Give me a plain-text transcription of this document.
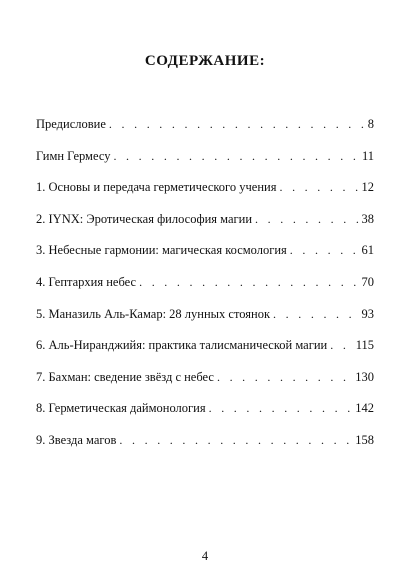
СОДЕРЖАНИЕ:
Предисловие . . .	8
Гимн Гермесу . . .	11
1. Основы и передача герметического учения . . .	12
2. IYNX: Эротическая философия магии . . .	38
3. Небесные гармонии: магическая космология . . .	61
4. Гептархия небес . . .	70
5. Маназиль Аль-Камар: 28 лунных стоянок . . .	93
6. Аль-Ниранджийя: практика талисманической магии . . . 115
7. Бахман: сведение звёзд с небес . . .	130
8. Герметическая даймонология . . .	142
9. Звезда магов . . .	158
4
